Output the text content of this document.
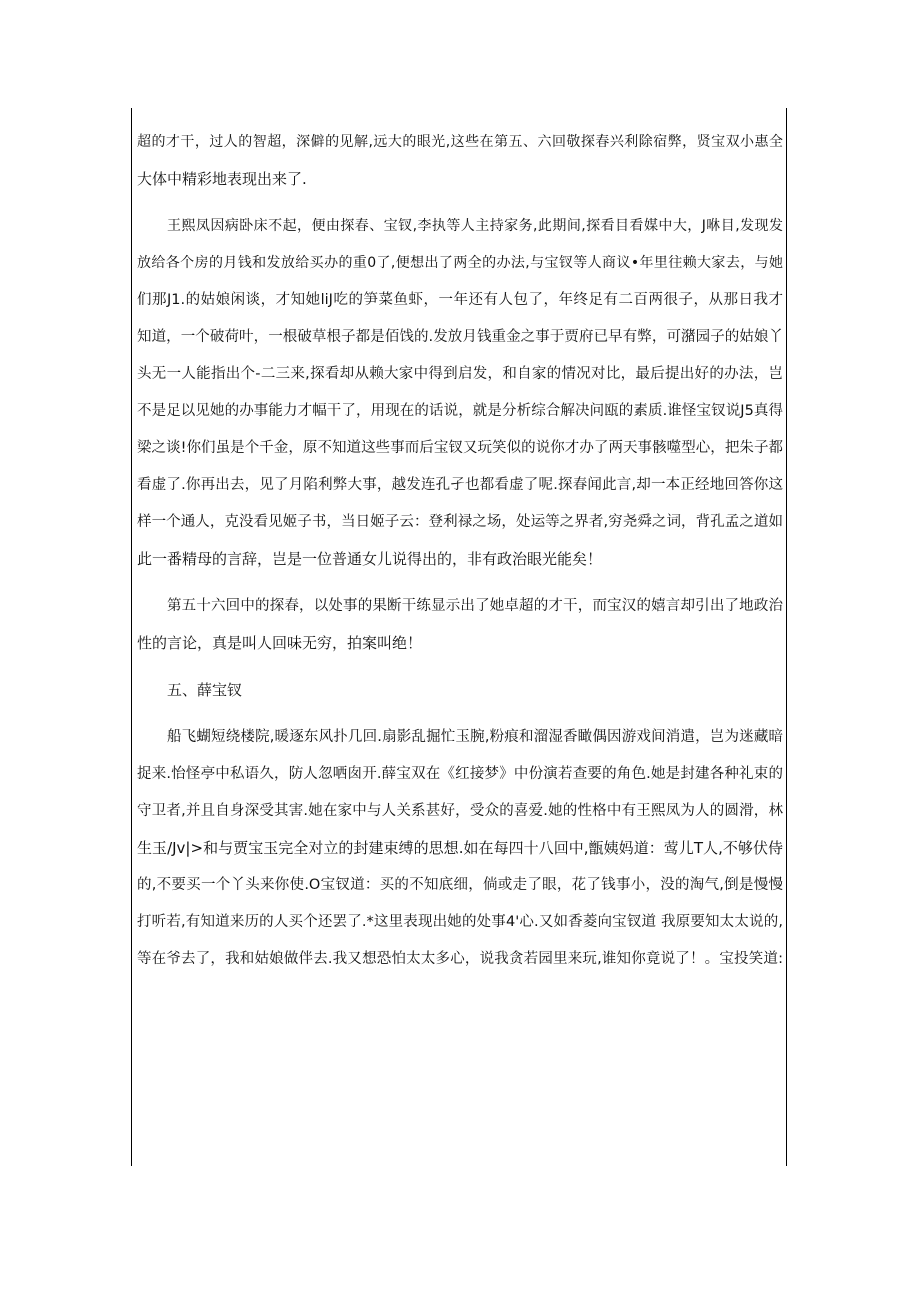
超的才干，过人的智超，深僻的见解,远大的眼光,这些在第五、六回敬探春兴利除宿弊，贤宝双小惠全
大体中精彩地表现出来了.
王熙凤因病卧床不起，便由探春、宝钗,李执等人主持家务,此期间,探看目看媒中大，J咻目,发现发
放给各个房的月钱和发放给买办的重0了,便想出了两全的办法,与宝钗等人商议•年里往赖大家去，与她
们那J1.的姑娘闲谈，才知她lіJ吃的笋菜鱼虾，一年还有人包了，年终足有二百两很子，从那日我才
知道，一个破荷叶，一根破草根子都是佰饯的.发放月钱重金之事于贾府已早有弊，可潴园子的姑娘丫
头无一人能指出个-二三来,探看却从赖大家中得到启发，和自家的情况对比，最后提出好的办法，岂
不是足以见她的办事能力才幅干了，用现在的话说，就是分析综合解决问瓯的素质.谁怪宝钗说J5真得
梁之谈!你们虽是个千金，原不知道这些事而后宝钗又玩笑似的说你才办了两天事骸噬型心，把朱子都
看虚了.你再出去，见了月陷利弊大事，越发连孔孑也都看虚了呢.探春闻此言,却一本正经地回答你这
样一个通人，克没看见姬子书，当日姬子云：登利禄之场，处运等之界者,穷尧舜之词，背孔孟之道如
此一番精母的言辞，岂是一位普通女儿说得出的，非有政治眼光能矣！
第五十六回中的探春，以处事的果断干练显示出了她卓超的才干，而宝汉的嬉言却引出了地政治
性的言论，真是叫人回味无穷，拍案叫绝！
五、薛宝钗
船飞蝴短绕楼院,暖逐东风扑几回.扇影乱掘忙玉腕,粉痕和溜湿香瞰偶因游戏间消遣，岂为迷藏暗
捉来.怡怪亭中私语久，防人忽哂囱开.薛宝双在《红接梦》中份演若查要的角色.她是封建各种礼束的
守卫者,并且自身深受其害.她在家中与人关系甚好，受众的喜爱.她的性格中有王熙凤为人的圆滑，林
生玉/Jv|>和与贾宝玉完全对立的封建束缚的思想.如在每四十八回中,甑姨妈道：莺儿T人,不够伏侍
的,不要买一个丫头来你使.O宝钗道：买的不知底细，倘或走了眼，花了钱事小，没的淘气,倒是慢慢
打听若,有知道来历的人买个还罢了.*这里表现出她的处事4'心.又如香菱向宝钗道 我原要知太太说的,
等在爷去了，我和姑娘做伴去.我又想恐怕太太多心，说我贪若园里来玩,谁知你竟说了！。宝投笑道:
